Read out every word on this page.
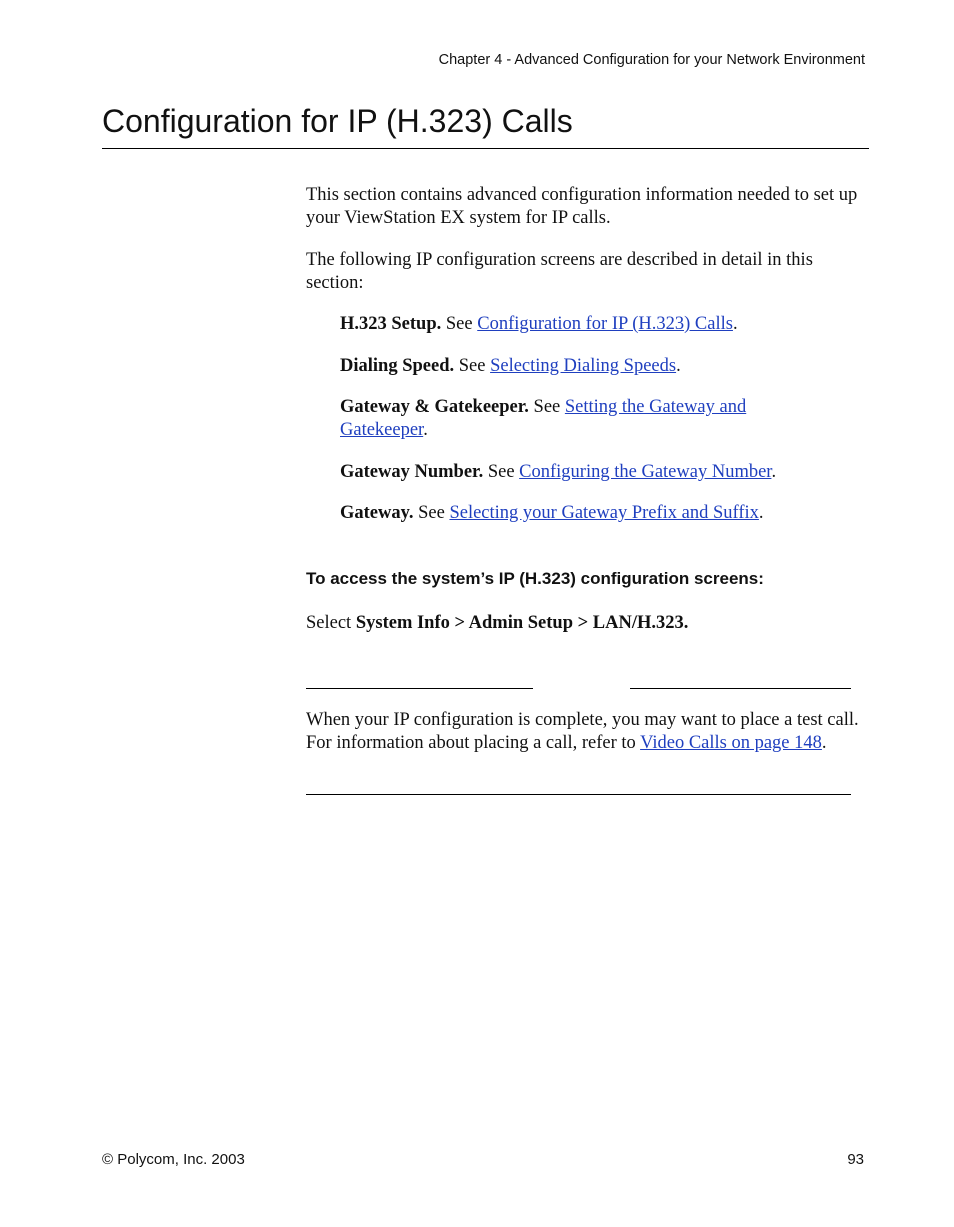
Chapter 4 - Advanced Configuration for your Network Environment
Configuration for IP (H.323) Calls

This section contains advanced configuration information needed to set up your ViewStation EX system for IP calls.

The following IP configuration screens are described in detail in this section:

H.323 Setup. See Configuration for IP (H.323) Calls.
Dialing Speed. See Selecting Dialing Speeds.
Gateway & Gatekeeper. See Setting the Gateway and Gatekeeper.
Gateway Number. See Configuring the Gateway Number.
Gateway. See Selecting your Gateway Prefix and Suffix.
To access the system’s IP (H.323) configuration screens:
Select System Info > Admin Setup > LAN/H.323.
When your IP configuration is complete, you may want to place a test call. For information about placing a call, refer to Video Calls on page 148.
© Polycom, Inc. 2003	93
